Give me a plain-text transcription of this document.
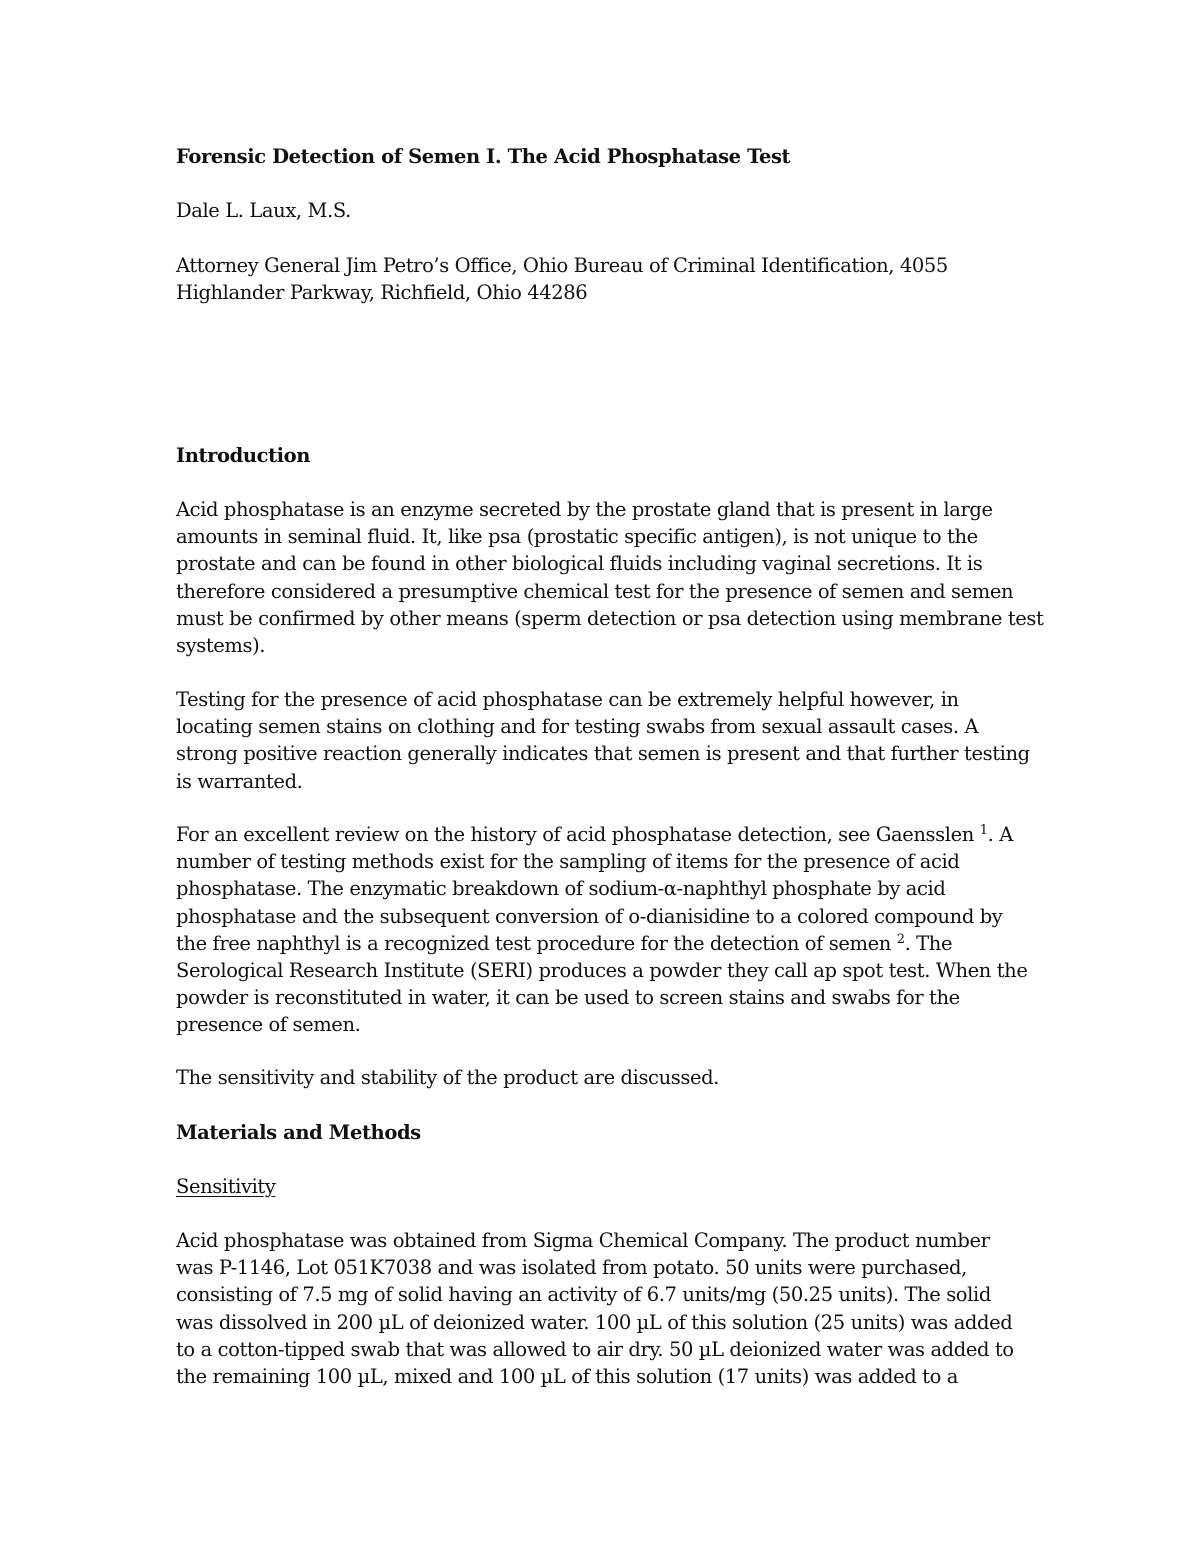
Forensic Detection of Semen I. The Acid Phosphatase Test

Dale L. Laux, M.S.

Attorney General Jim Petro’s Office, Ohio Bureau of Criminal Identification, 4055
Highlander Parkway, Richfield, Ohio 44286

Introduction

Acid phosphatase is an enzyme secreted by the prostate gland that is present in large
amounts in seminal fluid. It, like psa (prostatic specific antigen), is not unique to the
prostate and can be found in other biological fluids including vaginal secretions. It is
therefore considered a presumptive chemical test for the presence of semen and semen
must be confirmed by other means (sperm detection or psa detection using membrane test
systems).

Testing for the presence of acid phosphatase can be extremely helpful however, in
locating semen stains on clothing and for testing swabs from sexual assault cases. A
strong positive reaction generally indicates that semen is present and that further testing
is warranted.

For an excellent review on the history of acid phosphatase detection, see Gaensslen $^1$. A
number of testing methods exist for the sampling of items for the presence of acid
phosphatase. The enzymatic breakdown of sodium-α-naphthyl phosphate by acid
phosphatase and the subsequent conversion of o-dianisidine to a colored compound by
the free naphthyl is a recognized test procedure for the detection of semen $^2$. The
Serological Research Institute (SERI) produces a powder they call ap spot test. When the
powder is reconstituted in water, it can be used to screen stains and swabs for the
presence of semen.

The sensitivity and stability of the product are discussed.

Materials and Methods

Sensitivity

Acid phosphatase was obtained from Sigma Chemical Company. The product number
was P-1146, Lot 051K7038 and was isolated from potato. 50 units were purchased,
consisting of 7.5 mg of solid having an activity of 6.7 units/mg (50.25 units). The solid
was dissolved in 200 µL of deionized water. 100 µL of this solution (25 units) was added
to a cotton-tipped swab that was allowed to air dry. 50 µL deionized water was added to
the remaining 100 µL, mixed and 100 µL of this solution (17 units) was added to a
